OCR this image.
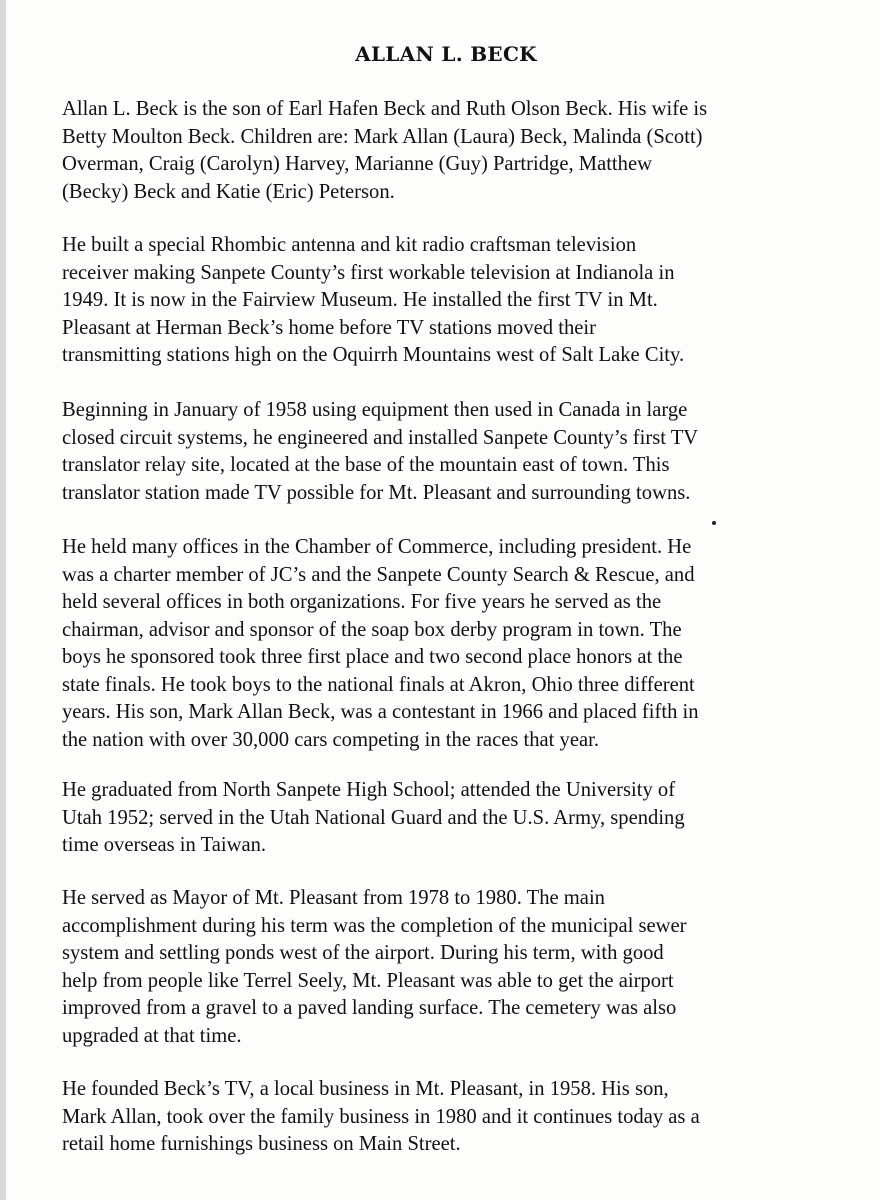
ALLAN L. BECK

Allan L. Beck is the son of Earl Hafen Beck and Ruth Olson Beck. His wife is
Betty Moulton Beck. Children are: Mark Allan (Laura) Beck, Malinda (Scott)
Overman, Craig (Carolyn) Harvey, Marianne (Guy) Partridge, Matthew
(Becky) Beck and Katie (Eric) Peterson.

He built a special Rhombic antenna and kit radio craftsman television
receiver making Sanpete County’s first workable television at Indianola in
1949. It is now in the Fairview Museum. He installed the first TV in Mt.
Pleasant at Herman Beck’s home before TV stations moved their
transmitting stations high on the Oquirrh Mountains west of Salt Lake City.

Beginning in January of 1958 using equipment then used in Canada in large
closed circuit systems, he engineered and installed Sanpete County’s first TV
translator relay site, located at the base of the mountain east of town. This
translator station made TV possible for Mt. Pleasant and surrounding towns.

He held many offices in the Chamber of Commerce, including president. He
was a charter member of JC’s and the Sanpete County Search & Rescue, and
held several offices in both organizations. For five years he served as the
chairman, advisor and sponsor of the soap box derby program in town. The
boys he sponsored took three first place and two second place honors at the
state finals. He took boys to the national finals at Akron, Ohio three different
years. His son, Mark Allan Beck, was a contestant in 1966 and placed fifth in
the nation with over 30,000 cars competing in the races that year.

He graduated from North Sanpete High School; attended the University of
Utah 1952; served in the Utah National Guard and the U.S. Army, spending
time overseas in Taiwan.

He served as Mayor of Mt. Pleasant from 1978 to 1980. The main
accomplishment during his term was the completion of the municipal sewer
system and settling ponds west of the airport. During his term, with good
help from people like Terrel Seely, Mt. Pleasant was able to get the airport
improved from a gravel to a paved landing surface. The cemetery was also
upgraded at that time.

He founded Beck’s TV, a local business in Mt. Pleasant, in 1958. His son,
Mark Allan, took over the family business in 1980 and it continues today as a
retail home furnishings business on Main Street.
